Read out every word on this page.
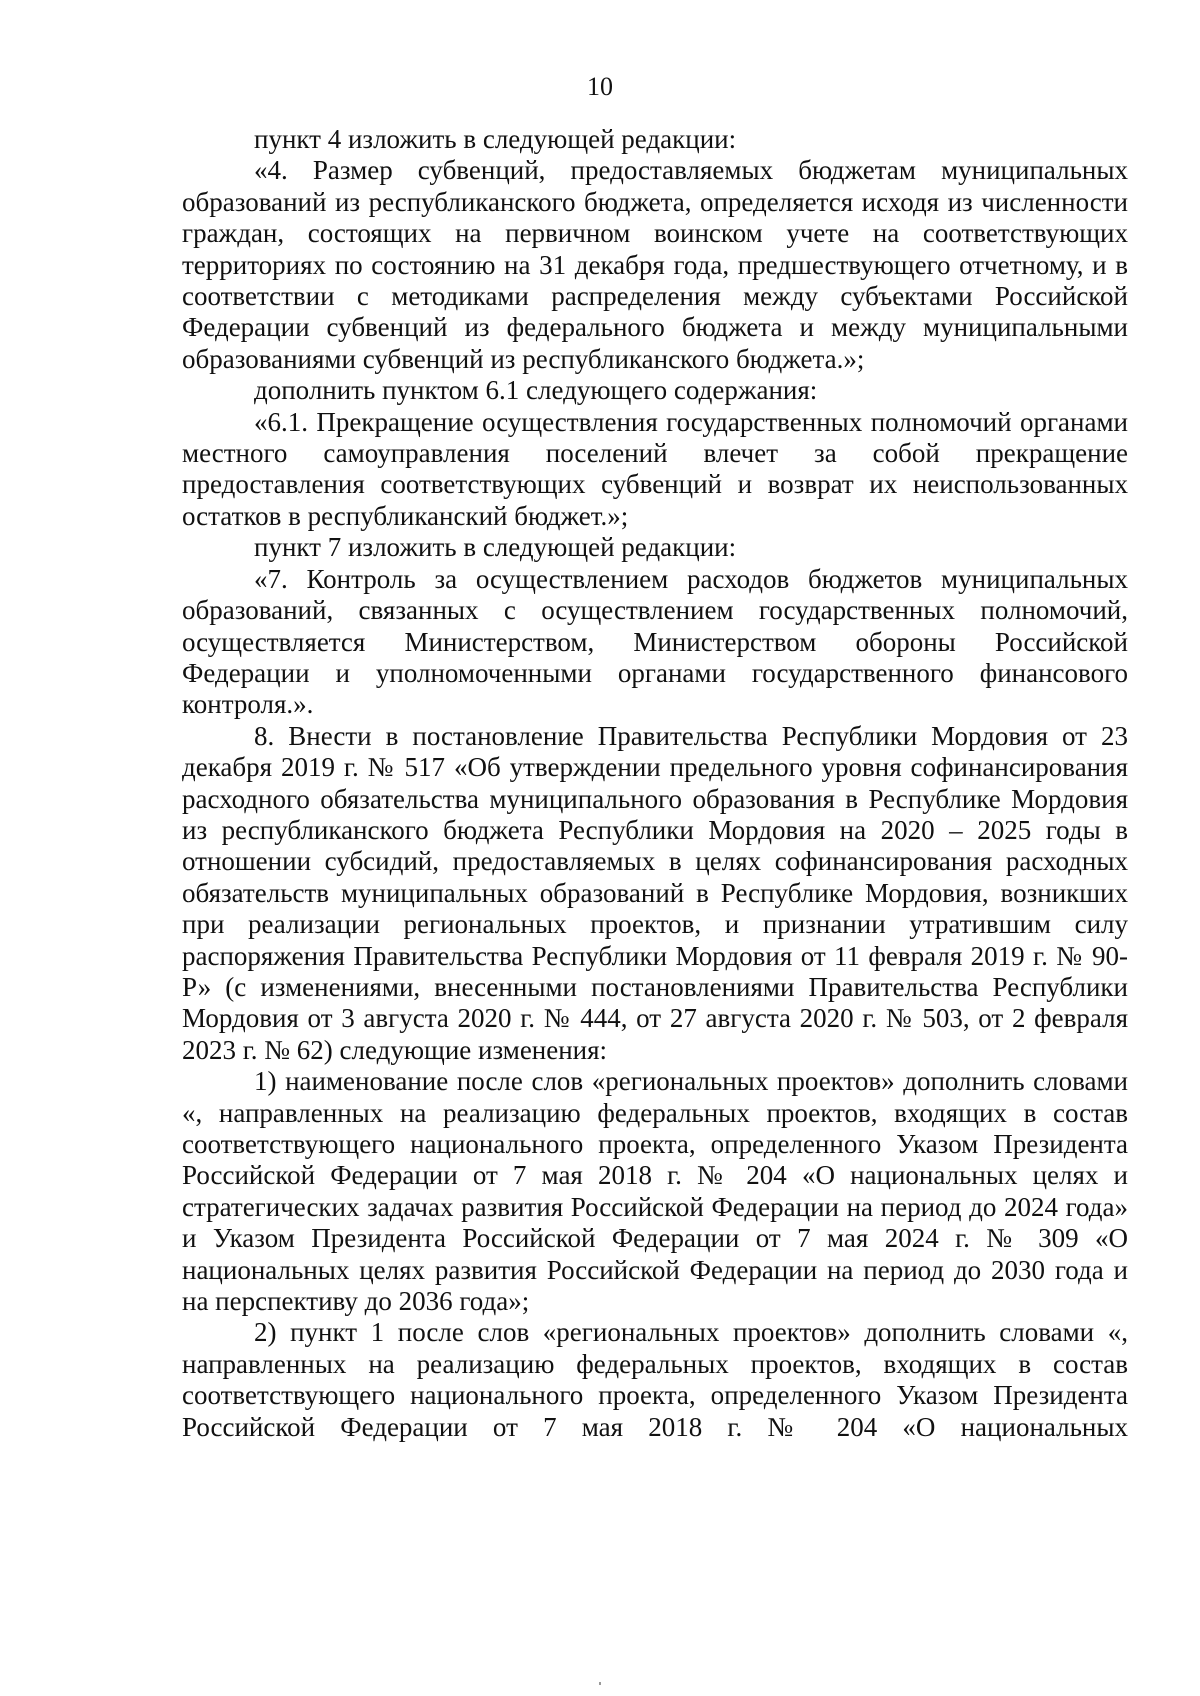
10

пункт 4 изложить в следующей редакции:

«4. Размер субвенций, предоставляемых бюджетам муниципальных образований из республиканского бюджета, определяется исходя из численности граждан, состоящих на первичном воинском учете на соответствующих территориях по состоянию на 31 декабря года, предшествующего отчетному, и в соответствии с методиками распределения между субъектами Российской Федерации субвенций из федерального бюджета и между муниципальными образованиями субвенций из республиканского бюджета.»;

дополнить пунктом 6.1 следующего содержания:

«6.1. Прекращение осуществления государственных полномочий органами местного самоуправления поселений влечет за собой прекращение предоставления соответствующих субвенций и возврат их неиспользованных остатков в республиканский бюджет.»;

пункт 7 изложить в следующей редакции:

«7. Контроль за осуществлением расходов бюджетов муниципальных образований, связанных с осуществлением государственных полномочий, осуществляется Министерством, Министерством обороны Российской Федерации и уполномоченными органами государственного финансового контроля.».

8. Внести в постановление Правительства Республики Мордовия от 23 декабря 2019 г. № 517 «Об утверждении предельного уровня софинансирования расходного обязательства муниципального образования в Республике Мордовия из республиканского бюджета Республики Мордовия на 2020 – 2025 годы в отношении субсидий, предоставляемых в целях софинансирования расходных обязательств муниципальных образований в Республике Мордовия, возникших при реализации региональных проектов, и признании утратившим силу распоряжения Правительства Республики Мордовия от 11 февраля 2019 г. № 90-Р» (с изменениями, внесенными постановлениями Правительства Республики Мордовия от 3 августа 2020 г. № 444, от 27 августа 2020 г. № 503, от 2 февраля 2023 г. № 62) следующие изменения:

1) наименование после слов «региональных проектов» дополнить словами «, направленных на реализацию федеральных проектов, входящих в состав соответствующего национального проекта, определенного Указом Президента Российской Федерации от 7 мая 2018 г. № 204 «О национальных целях и стратегических задачах развития Российской Федерации на период до 2024 года» и Указом Президента Российской Федерации от 7 мая 2024 г. № 309 «О национальных целях развития Российской Федерации на период до 2030 года и на перспективу до 2036 года»;

2) пункт 1 после слов «региональных проектов» дополнить словами «, направленных на реализацию федеральных проектов, входящих в состав соответствующего национального проекта, определенного Указом Президента Российской Федерации от 7 мая 2018 г. № 204 «О национальных
